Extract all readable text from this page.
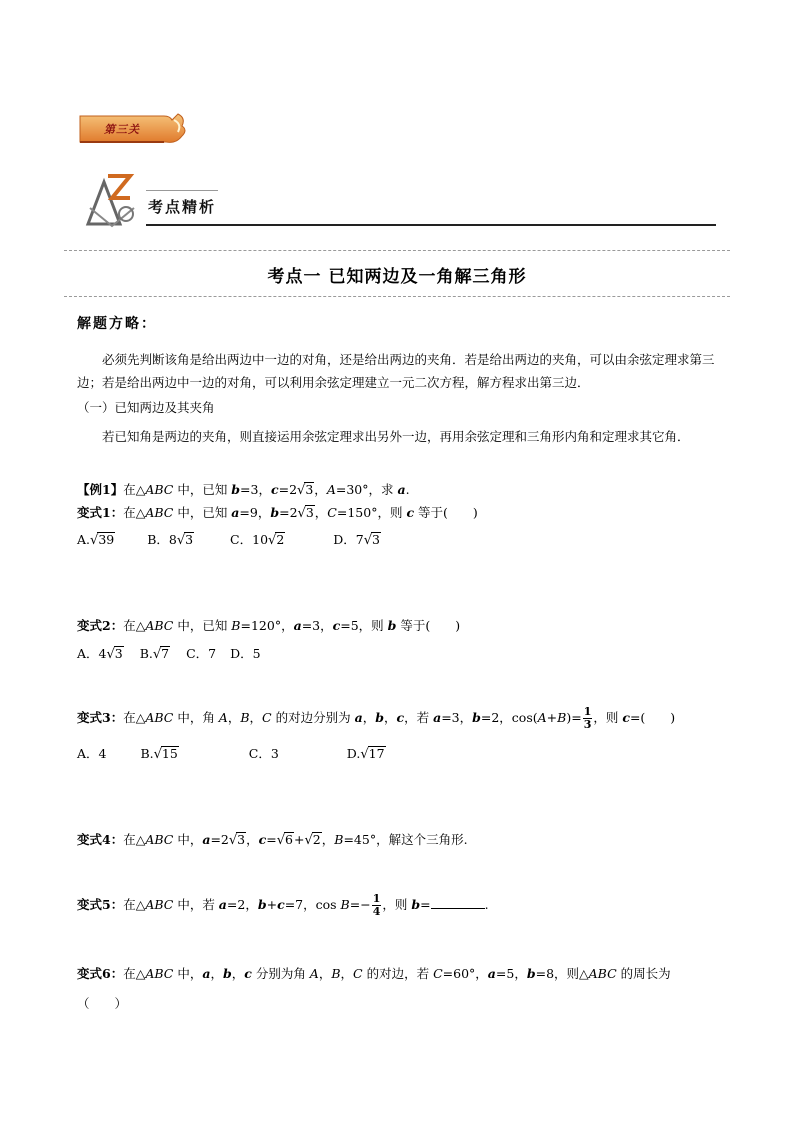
第三关
考点精析
考点一 已知两边及一角解三角形
解题方略：
必须先判断该角是给出两边中一边的对角，还是给出两边的夹角．若是给出两边的夹角，可以由余弦定理求第三边；若是给出两边中一边的对角，可以利用余弦定理建立一元二次方程，解方程求出第三边．
（一）已知两边及其夹角
若已知角是两边的夹角，则直接运用余弦定理求出另外一边，再用余弦定理和三角形内角和定理求其它角．
【例1】在△ABC 中，已知 b=3，c=2√3，A=30°，求 a.
变式1：在△ABC 中，已知 a=9，b=2√3，C=150°，则 c 等于(　　)
A.√39	B．8√3	C．10√2	D．7√3
变式2：在△ABC 中，已知 B=120°，a=3，c=5，则 b 等于(　　)
A．4√3 B.√7 C．7 D．5
变式3：在△ABC 中，角 A，B，C 的对边分别为 a，b，c，若 a=3，b=2，$\cos(A+B)= \frac{1}{3}$ ，则 c=(　　)
A．4	B.√15	C．3	D.√17
变式4：在△ABC 中，a=2√3，c=√6+√2，B=45°，解这个三角形.
变式5：在△ABC 中，若 a=2，b+c=7，$\cos B=- \frac{1}{4}$ ，则 b=	.
变式6：在△ABC 中，a，b，c 分别为角 A，B，C 的对边，若 C=60°，a=5，b=8，则△ABC 的周长为
（　　）
